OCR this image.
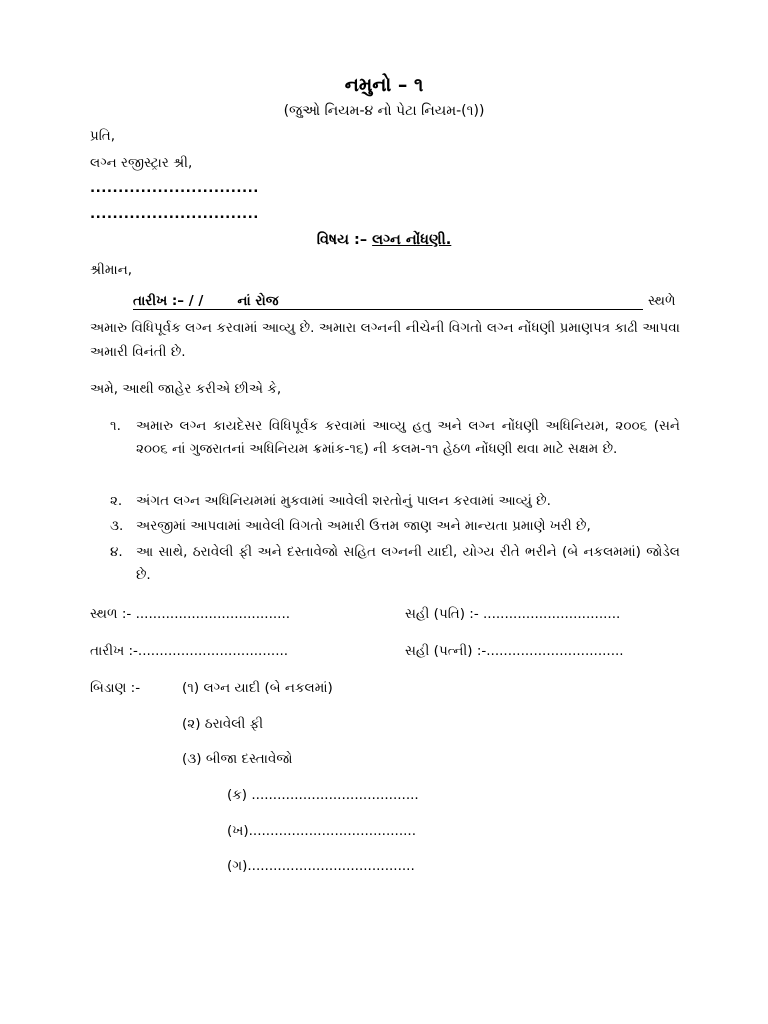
નમુનો – ૧
(જુઓ નિયમ-૪ નો પેટા નિયમ-(૧))
પ્રતિ,
લગ્ન રજીસ્ટ્રાર શ્રી,
..............................
..............................
વિષય :– લગ્ન નોંધણી.
શ્રીમાન,
તારીખ :– / /	નાં રોજ	સ્થળે
અમારુ વિધિપૂર્વક લગ્ન કરવામાં આવ્યુ છે. અમારા લગ્નની નીચેની વિગતો લગ્ન નોંધણી પ્રમાણપત્ર કાઢી આપવા અમારી વિનંતી છે.
અમે, આથી જાહેર કરીએ છીએ કે,
૧.	અમારુ લગ્ન કાયદેસર વિધિપૂર્વક કરવામાં આવ્યુ હતુ અને લગ્ન નોંધણી અધિનિયમ, ૨૦૦૬ (સને ૨૦૦૬ નાં ગુજરાતનાં અધિનિયમ ક્રમાંક-૧૬) ની કલમ-૧૧ હેઠળ નોંધણી થવા માટે સક્ષમ છે.
૨.	અંગત લગ્ન અધિનિયમમાં મુકવામાં આવેલી શરતોનું પાલન કરવામાં આવ્યું છે.
૩. અરજીમાં આપવામાં આવેલી વિગતો અમારી ઉત્તમ જાણ અને માન્યતા પ્રમાણે ખરી છે,
૪. આ સાથે, ઠરાવેલી ફી અને દસ્તાવેજો સહિત લગ્નની યાદી, યોગ્ય રીતે ભરીને (બે નકલમમાં) જોડેલ છે.
સ્થળ :- ....................................	સહી (પતિ) :- ................................
તારીખ :-...................................	સહી (પત્ની) :-................................
બિડાણ :-	(૧) લગ્ન યાદી (બે નકલમાં)
(૨) ઠરાવેલી ફી
(૩) બીજા દસ્તાવેજો
(ક) .......................................
(ખ).......................................
(ગ).......................................
